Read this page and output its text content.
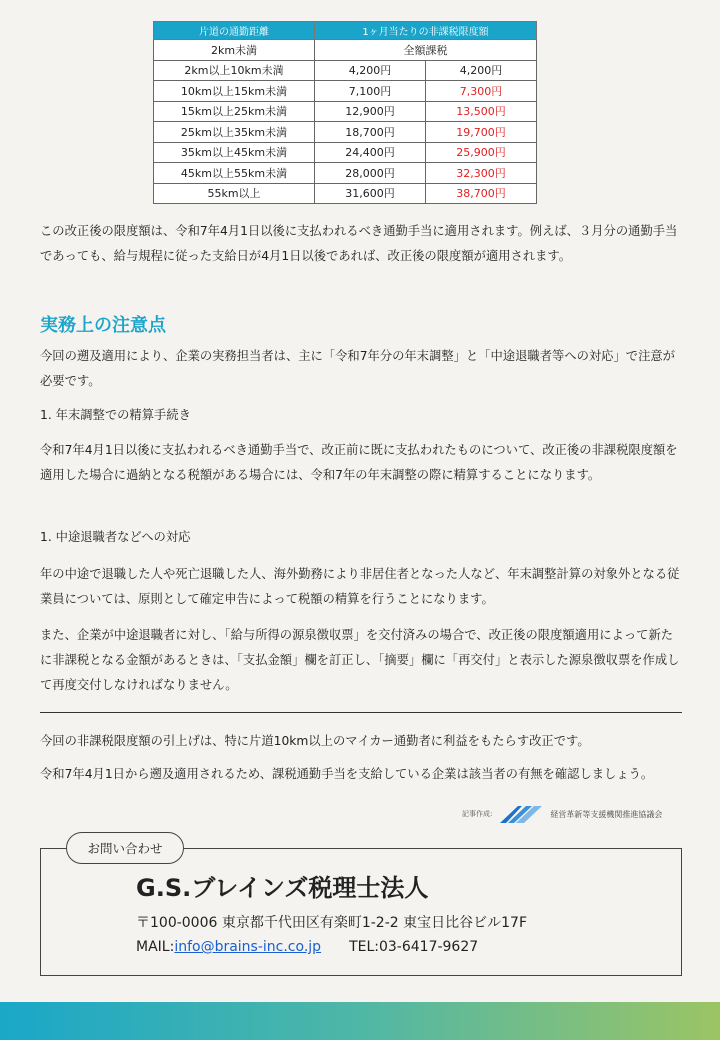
片道の通勤距離	1ヶ月当たりの非課税限度額	
2km未満	全額課税	
2km以上10km未満	4,200円	4,200円
10km以上15km未満	7,100円	7,300円
15km以上25km未満	12,900円	13,500円
25km以上35km未満	18,700円	19,700円
35km以上45km未満	24,400円	25,900円
45km以上55km未満	28,000円	32,300円
55km以上	31,600円	38,700円
この改正後の限度額は、令和7年4月1日以後に支払われるべき通勤手当に適用されます。例えば、３月分の通勤手当であっても、給与規程に従った支給日が4月1日以後であれば、改正後の限度額が適用されます。
実務上の注意点
今回の遡及適用により、企業の実務担当者は、主に「令和7年分の年末調整」と「中途退職者等への対応」で注意が必要です。
1. 年末調整での精算手続き
令和7年4月1日以後に支払われるべき通勤手当で、改正前に既に支払われたものについて、改正後の非課税限度額を適用した場合に過納となる税額がある場合には、令和7年の年末調整の際に精算することになります。
1. 中途退職者などへの対応
年の中途で退職した人や死亡退職した人、海外勤務により非居住者となった人など、年末調整計算の対象外となる従業員については、原則として確定申告によって税額の精算を行うことになります。
また、企業が中途退職者に対し、「給与所得の源泉徴収票」を交付済みの場合で、改正後の限度額適用によって新たに非課税となる金額があるときは、「支払金額」欄を訂正し、「摘要」欄に「再交付」と表示した源泉徴収票を作成して再度交付しなければなりません。
今回の非課税限度額の引上げは、特に片道10km以上のマイカー通勤者に利益をもたらす改正です。
令和7年4月1日から遡及適用されるため、課税通勤手当を支給している企業は該当者の有無を確認しましょう。
記事作成:	経営革新等支援機関推進協議会
お問い合わせ
G.S.ブレインズ税理士法人
〒100-0006 東京都千代田区有楽町1-2-2 東宝日比谷ビル17F
MAIL:info@brains-inc.co.jp TEL:03-6417-9627
